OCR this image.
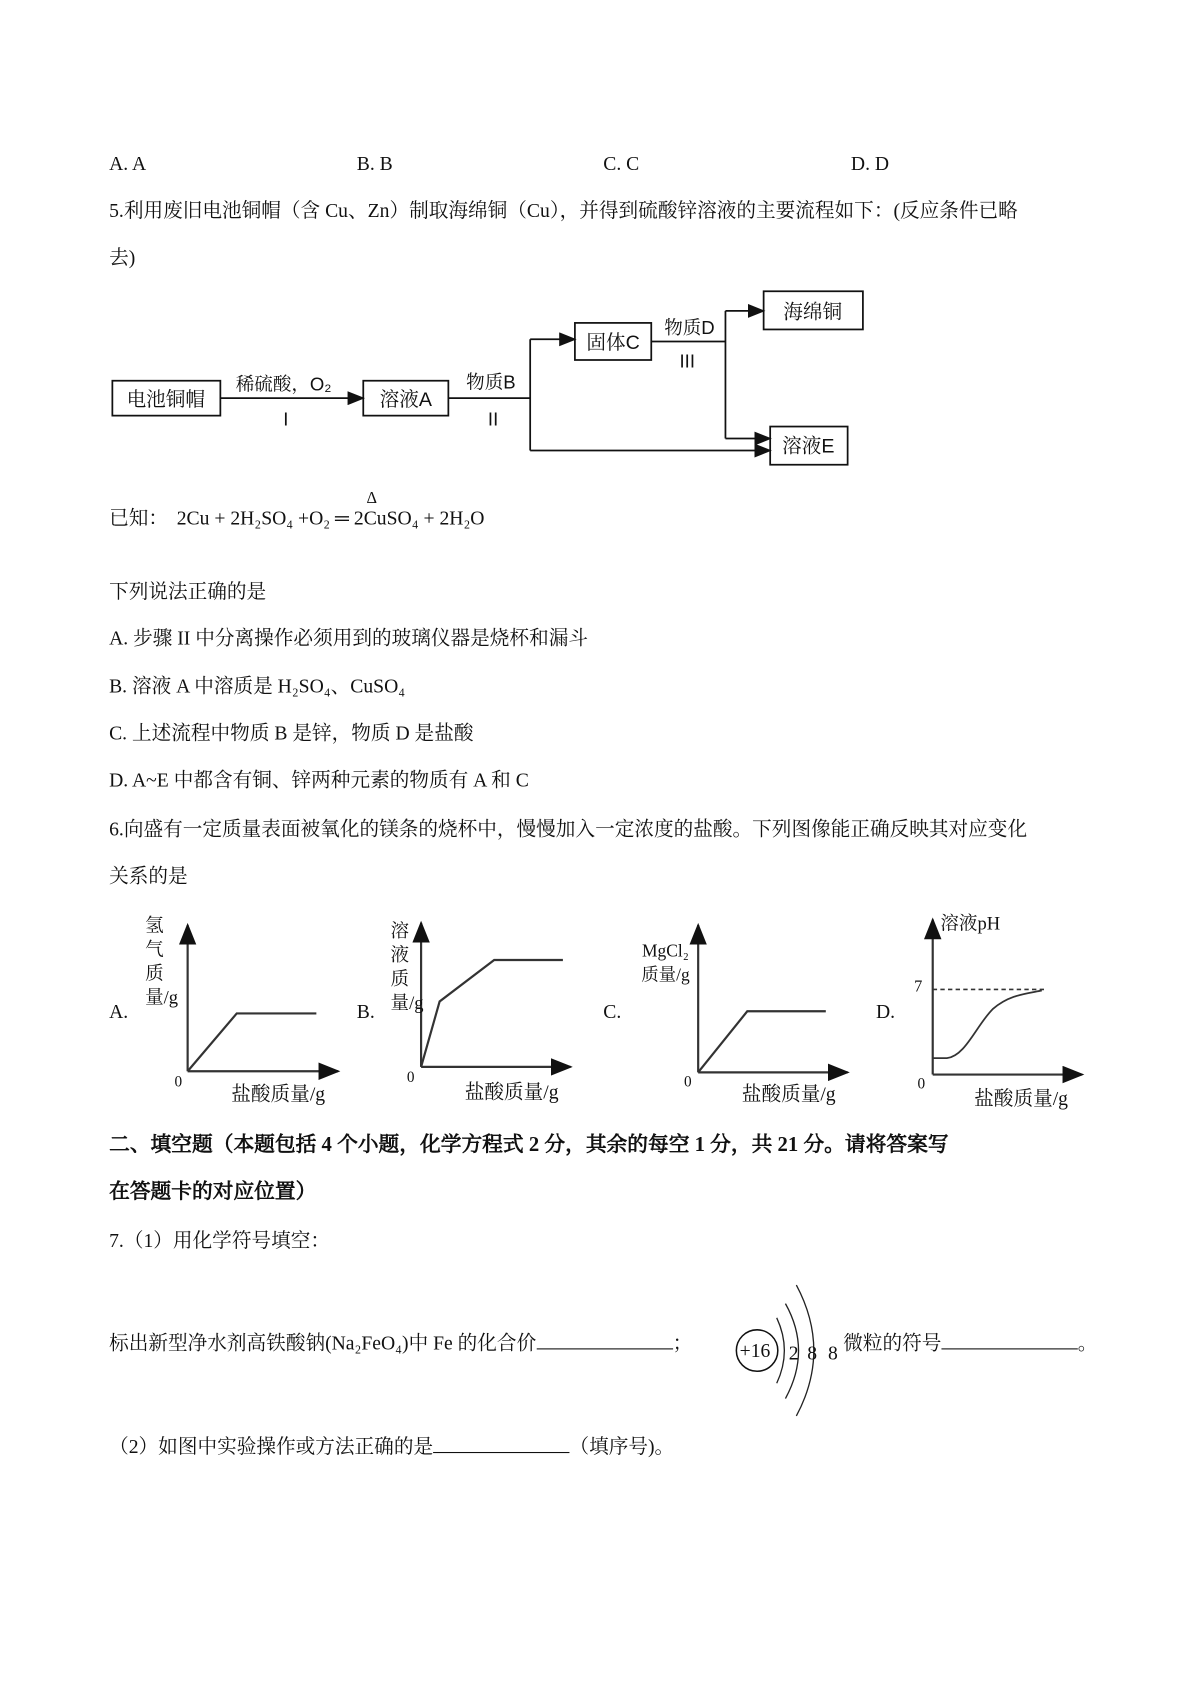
A. A	B. B	C. C	D. D
5.利用废旧电池铜帽（含 Cu、Zn）制取海绵铜（Cu），并得到硫酸锌溶液的主要流程如下：(反应条件已略
去)
电池铜帽
稀硫酸，O₂
I
溶液A
物质B
II
固体C
物质D
III
海绵铜
溶液E
已知： 2Cu + 2H₂SO₄ +O₂ ═ 2CuSO₄ + 2H₂O
Δ
下列说法正确的是
A. 步骤 II 中分离操作必须用到的玻璃仪器是烧杯和漏斗
B. 溶液 A 中溶质是 H₂SO₄、CuSO₄
C. 上述流程中物质 B 是锌，物质 D 是盐酸
D. A~E 中都含有铜、锌两种元素的物质有 A 和 C
6.向盛有一定质量表面被氧化的镁条的烧杯中，慢慢加入一定浓度的盐酸。下列图像能正确反映其对应变化
关系的是
A.
氢气质量/g
0
盐酸质量/g
B.
溶液质量/g
0
盐酸质量/g
C.
MgCl₂质量/g
0
盐酸质量/g
D.
溶液pH
7
0
盐酸质量/g
二、填空题（本题包括 4 个小题，化学方程式 2 分，其余的每空 1 分，共 21 分。请将答案写
在答题卡的对应位置）
7.（1）用化学符号填空：
标出新型净水剂高铁酸钠(Na₂FeO₄)中 Fe 的化合价	；	+16 2 8 8 微粒的符号	。
（2）如图中实验操作或方法正确的是	（填序号)。
